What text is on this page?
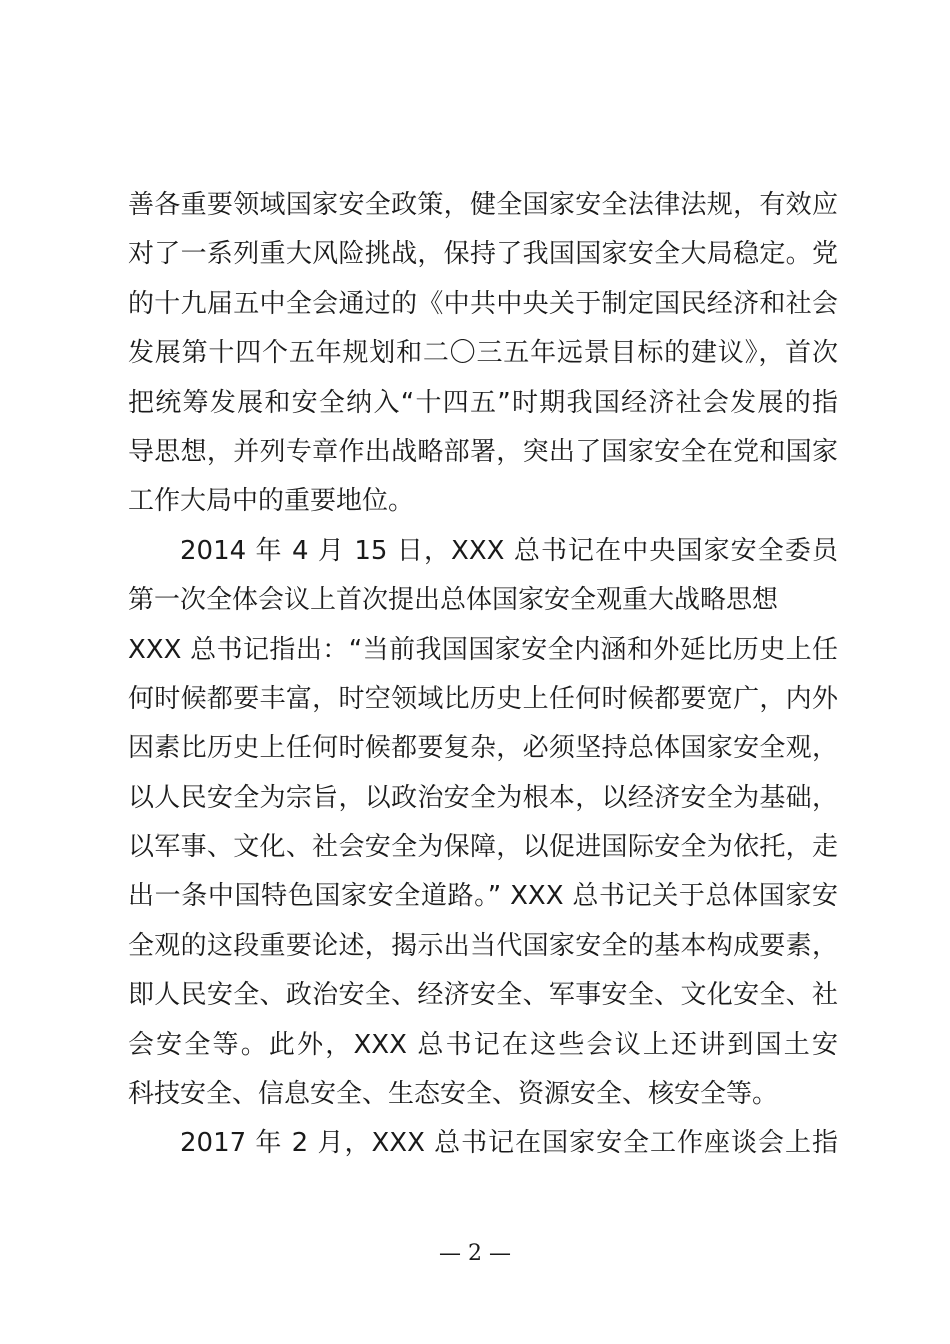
善各重要领域国家安全政策，健全国家安全法律法规，有效应
对了一系列重大风险挑战，保持了我国国家安全大局稳定。党
的十九届五中全会通过的《中共中央关于制定国民经济和社会
发展第十四个五年规划和二〇三五年远景目标的建议》，首次
把统筹发展和安全纳入“十四五”时期我国经济社会发展的指
导思想，并列专章作出战略部署，突出了国家安全在党和国家
工作大局中的重要地位。
2014 年 4 月 15 日，XXX 总书记在中央国家安全委员
第一次全体会议上首次提出总体国家安全观重大战略思想
XXX 总书记指出：“当前我国国家安全内涵和外延比历史上任
何时候都要丰富，时空领域比历史上任何时候都要宽广，内外
因素比历史上任何时候都要复杂，必须坚持总体国家安全观，
以人民安全为宗旨，以政治安全为根本，以经济安全为基础，
以军事、文化、社会安全为保障，以促进国际安全为依托，走
出一条中国特色国家安全道路。” XXX 总书记关于总体国家安
全观的这段重要论述，揭示出当代国家安全的基本构成要素，
即人民安全、政治安全、经济安全、军事安全、文化安全、社
会安全等。此外，XXX 总书记在这些会议上还讲到国土安
科技安全、信息安全、生态安全、资源安全、核安全等。
2017 年 2 月，XXX 总书记在国家安全工作座谈会上指
— 2 —
